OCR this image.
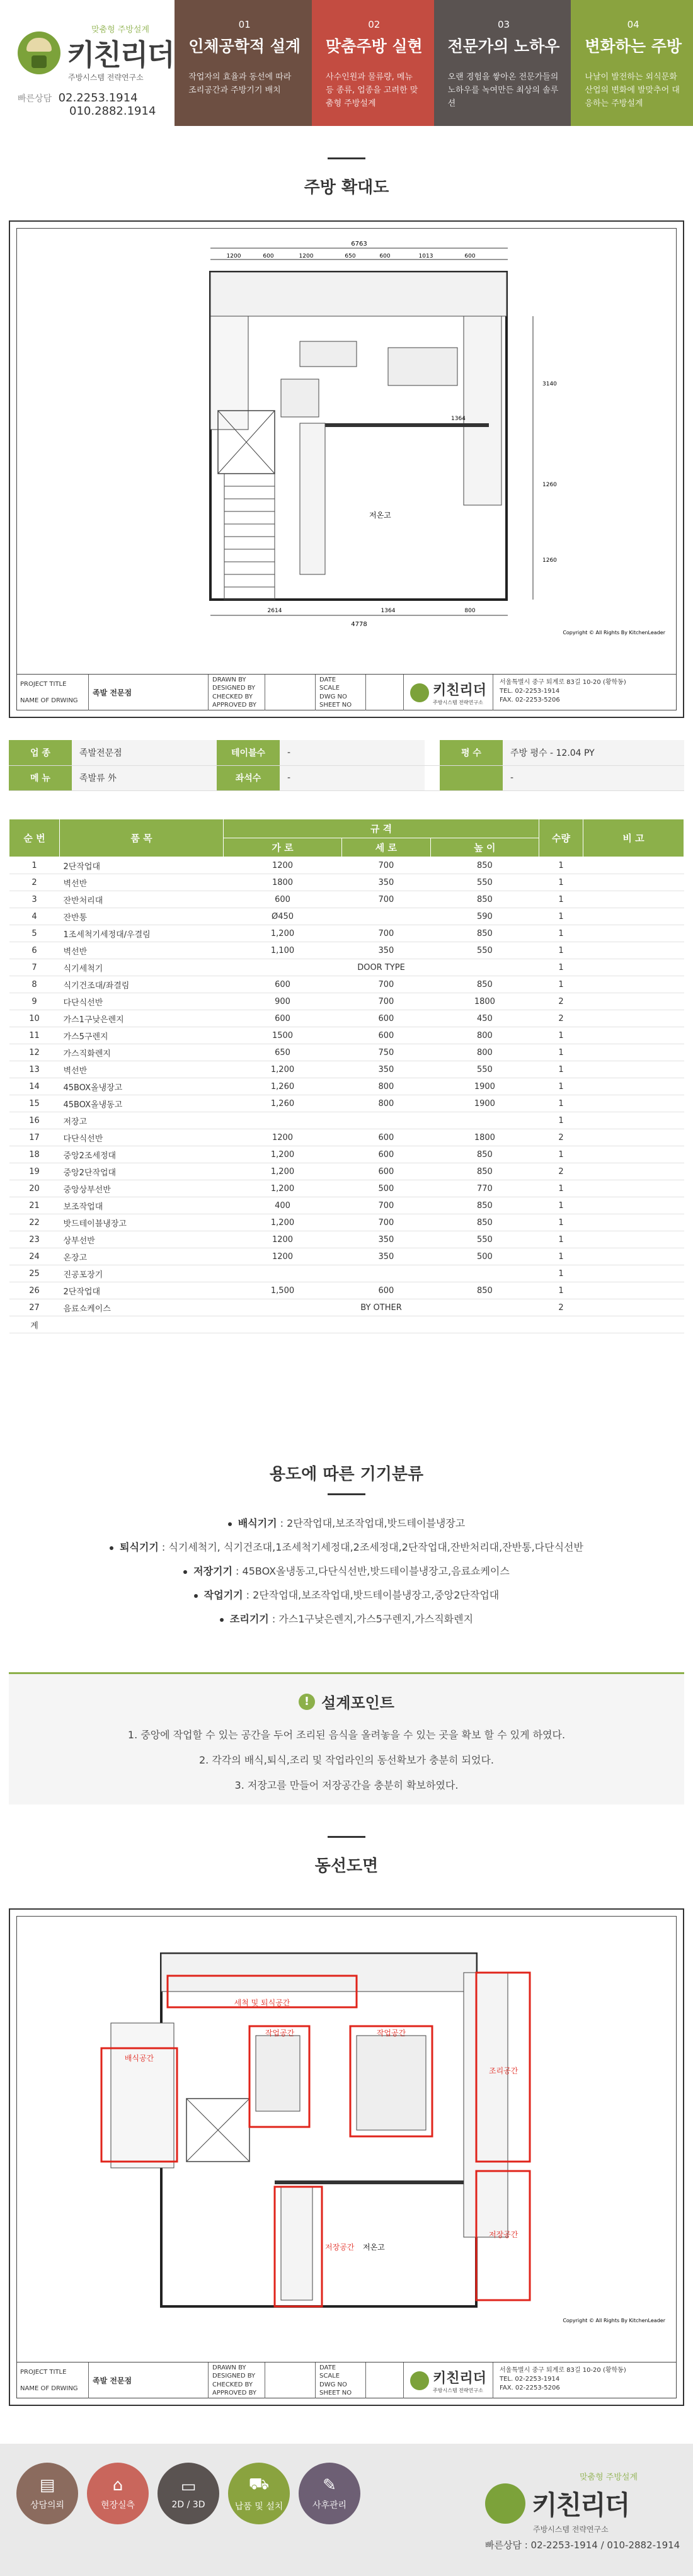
맞춤형 주방설계
키친리더
주방시스템 전략연구소
빠른상담 02.2253.1914
010.2882.1914
01
인체공학적 설계
작업자의 효율과 동선에 따라 조리공간과 주방기기 배치
02
맞춤주방 실현
사수인원과 물류량, 메뉴 등 종류, 업종을 고려한 맞춤형 주방설계
03
전문가의 노하우
오랜 경험을 쌓아온 전문가들의 노하우를 녹여만든 최상의 솔루션
04
변화하는 주방
나날이 발전하는 외식문화 산업의 변화에 발맞추어 대응하는 주방설계
주방 확대도
6763
1200	600	1200	650	600	1013	600
저온고
2614	1364	800
4778
1364
3140
1260
1260
Copyright © All Rights By KitchenLeader
PROJECT TITLE
NAME OF DRWING
족발 전문점
DRAWN BY
DESIGNED BY
CHECKED BY
APPROVED BY
DATE
SCALE
DWG NO
SHEET NO
키친리더
주방시스템 전략연구소
서울특별시 중구 퇴계로 83길 10-20 (황학동)
TEL. 02-2253-1914
FAX. 02-2253-5206
업 종	족발전문점	테이블수	-		평 수	주방 평수 - 12.04 PY
메 뉴	족발류 外	좌석수	-			-
순 번	품 목	규 격			수량	비 고
		가 로	세 로	높 이		
1	2단작업대	1200	700	850	1	
2	벽선반	1800	350	550	1	
3	잔반처리대	600	700	850	1	
4	잔반통	Ø450		590	1	
5	1조세척기세정대/우결림	1,200	700	850	1	
6	벽선반	1,100	350	550	1	
7	식기세척기	DOOR TYPE			1	
8	식기건조대/좌결림	600	700	850	1	
9	다단식선반	900	700	1800	2	
10	가스1구낮은렌지	600	600	450	2	
11	가스5구렌지	1500	600	800	1	
12	가스직화렌지	650	750	800	1	
13	벽선반	1,200	350	550	1	
14	45BOX올냉장고	1,260	800	1900	1	
15	45BOX올냉동고	1,260	800	1900	1	
16	저장고				1	
17	다단식선반	1200	600	1800	2	
18	중앙2조세정대	1,200	600	850	1	
19	중앙2단작업대	1,200	600	850	2	
20	중앙상부선반	1,200	500	770	1	
21	보조작업대	400	700	850	1	
22	밧드테이블냉장고	1,200	700	850	1	
23	상부선반	1200	350	550	1	
24	온장고	1200	350	500	1	
25	진공포장기				1	
26	2단작업대	1,500	600	850	1	
27	음료쇼케이스	BY OTHER			2	
계						
용도에 따른 기기분류
배식기기 : 2단작업대,보조작업대,밧드테이블냉장고
퇴식기기 : 식기세척기, 식기건조대,1조세척기세정대,2조세정대,2단작업대,잔반처리대,잔반통,다단식선반
저장기기 : 45BOX올냉동고,다단식선반,밧드테이블냉장고,음료쇼케이스
작업기기 : 2단작업대,보조작업대,밧드테이블냉장고,중앙2단작업대
조리기기 : 가스1구낮은렌지,가스5구렌지,가스직화렌지
! 설계포인트
1. 중앙에 작업할 수 있는 공간을 두어 조리된 음식을 올려놓을 수 있는 곳을 확보 할 수 있게 하였다.
2. 각각의 배식,퇴식,조리 및 작업라인의 동선확보가 충분히 되었다.
3. 저장고를 만들어 저장공간을 충분히 확보하였다.
동선도면
저온고
세척 및 퇴식공간
배식공간
작업공간	작업공간
조리공간
저장공간
저장공간
Copyright © All Rights By KitchenLeader
PROJECT TITLE
NAME OF DRWING
족발 전문점
DRAWN BY
DESIGNED BY
CHECKED BY
APPROVED BY
DATE
SCALE
DWG NO
SHEET NO
키친리더
주방시스템 전략연구소
서울특별시 중구 퇴계로 83길 10-20 (황학동)
TEL. 02-2253-1914
FAX. 02-2253-5206
▤
상담의뢰
⌂
현장실측
▭
2D / 3D
⛟
납품 및 설치
✎
사후관리
맞춤형 주방설계
키친리더
주방시스템 전략연구소
빠른상담 : 02-2253-1914 / 010-2882-1914
